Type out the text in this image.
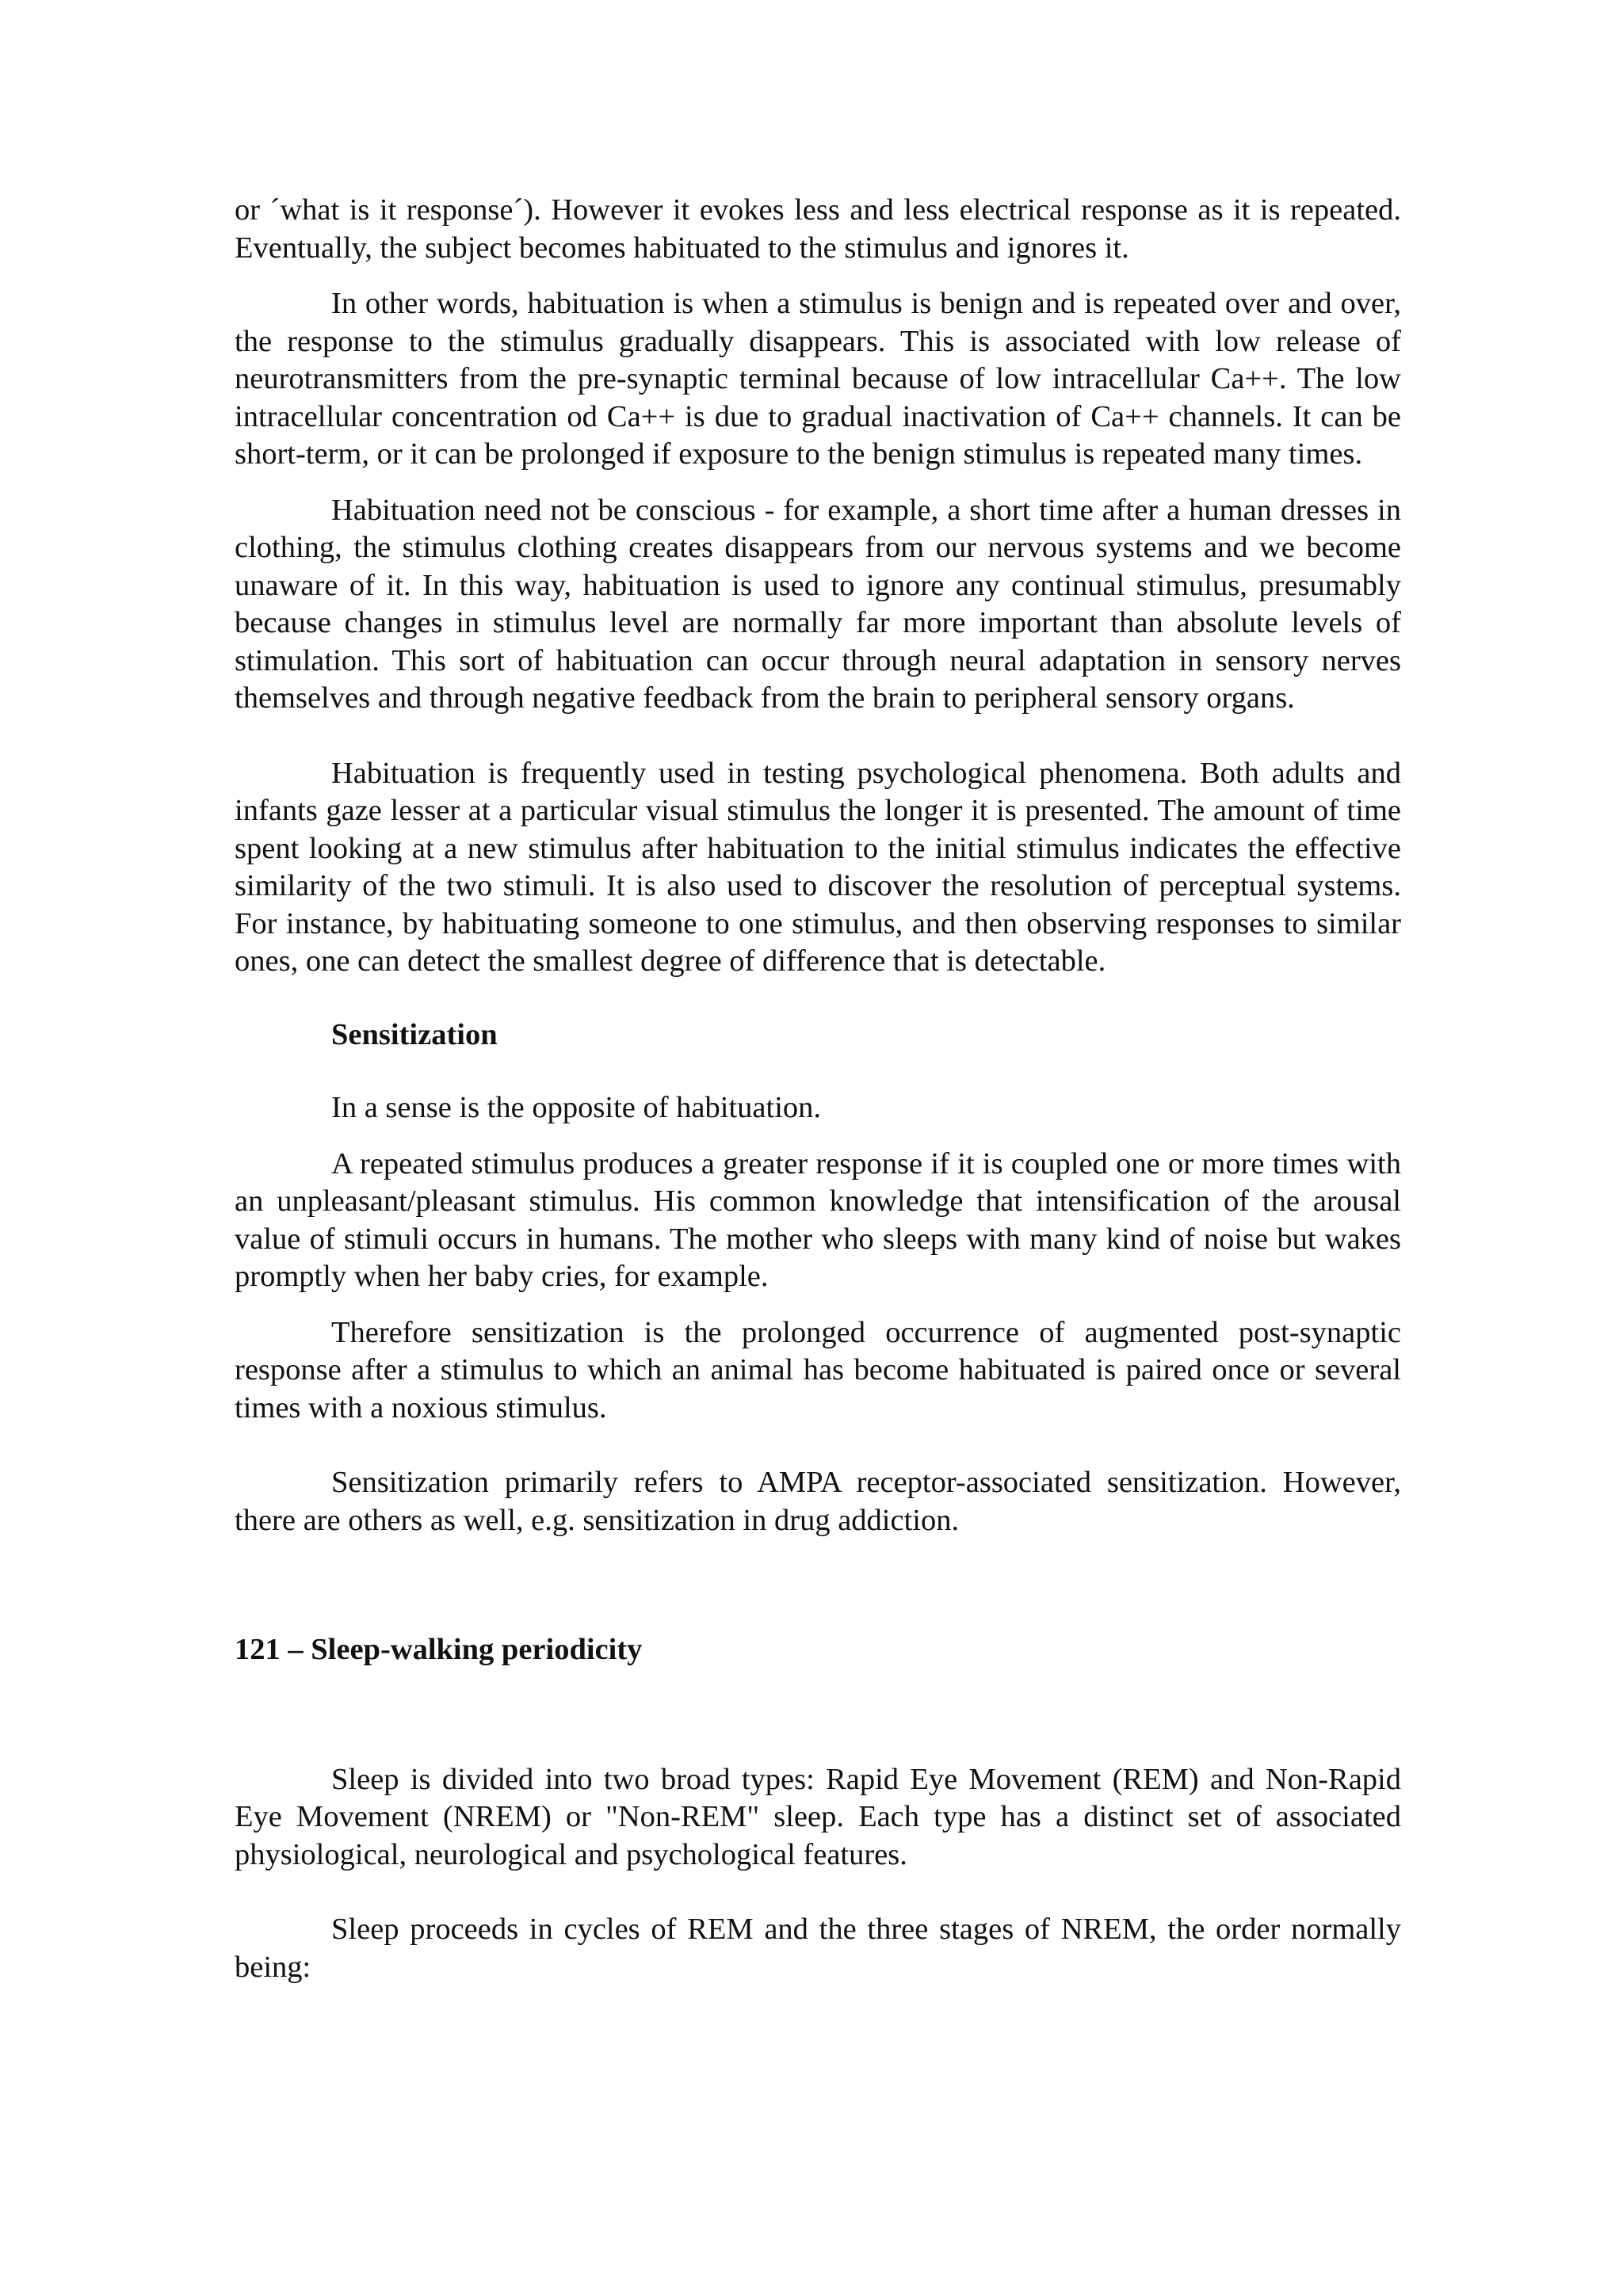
or ´what is it response´). However it evokes less and less electrical response as it is repeated. Eventually, the subject becomes habituated to the stimulus and ignores it.

In other words, habituation is when a stimulus is benign and is repeated over and over, the response to the stimulus gradually disappears. This is associated with low release of neurotransmitters from the pre-synaptic terminal because of low intracellular Ca++. The low intracellular concentration od Ca++ is due to gradual inactivation of Ca++ channels. It can be short-term, or it can be prolonged if exposure to the benign stimulus is repeated many times.

Habituation need not be conscious - for example, a short time after a human dresses in clothing, the stimulus clothing creates disappears from our nervous systems and we become unaware of it. In this way, habituation is used to ignore any continual stimulus, presumably because changes in stimulus level are normally far more important than absolute levels of stimulation. This sort of habituation can occur through neural adaptation in sensory nerves themselves and through negative feedback from the brain to peripheral sensory organs.

Habituation is frequently used in testing psychological phenomena. Both adults and infants gaze lesser at a particular visual stimulus the longer it is presented. The amount of time spent looking at a new stimulus after habituation to the initial stimulus indicates the effective similarity of the two stimuli. It is also used to discover the resolution of perceptual systems. For instance, by habituating someone to one stimulus, and then observing responses to similar ones, one can detect the smallest degree of difference that is detectable.

Sensitization

In a sense is the opposite of habituation.

A repeated stimulus produces a greater response if it is coupled one or more times with an unpleasant/pleasant stimulus. His common knowledge that intensification of the arousal value of stimuli occurs in humans. The mother who sleeps with many kind of noise but wakes promptly when her baby cries, for example.

Therefore sensitization is the prolonged occurrence of augmented post-synaptic response after a stimulus to which an animal has become habituated is paired once or several times with a noxious stimulus.

Sensitization primarily refers to AMPA receptor-associated sensitization. However, there are others as well, e.g. sensitization in drug addiction.

121 – Sleep-walking periodicity

Sleep is divided into two broad types: Rapid Eye Movement (REM) and Non-Rapid Eye Movement (NREM) or "Non-REM" sleep. Each type has a distinct set of associated physiological, neurological and psychological features.

Sleep proceeds in cycles of REM and the three stages of NREM, the order normally being:
